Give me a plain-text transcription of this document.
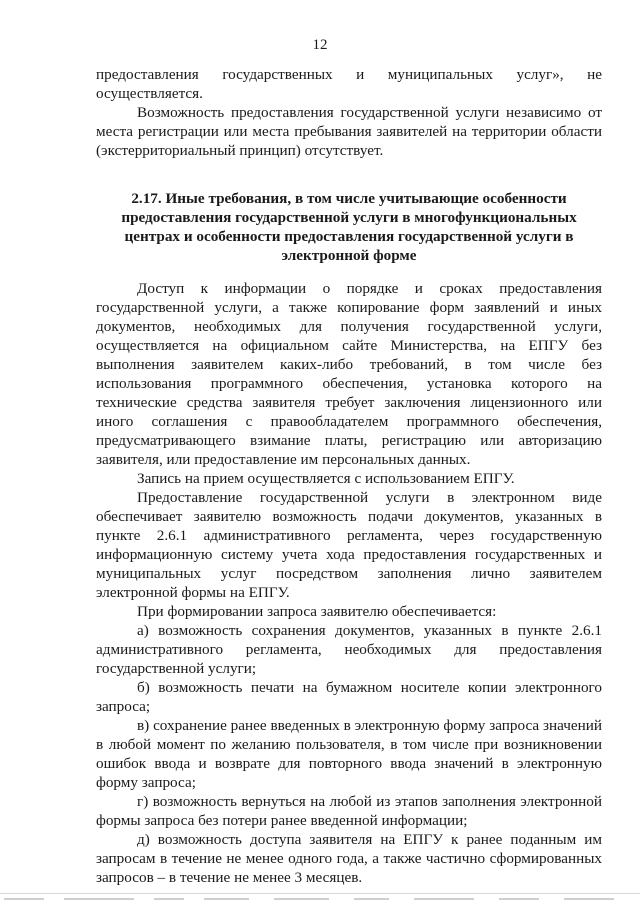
12

предоставления государственных и муниципальных услуг», не осуществляется.

Возможность предоставления государственной услуги независимо от места регистрации или места пребывания заявителей на территории области (экстерриториальный принцип) отсутствует.

2.17. Иные требования, в том числе учитывающие особенности предоставления государственной услуги в многофункциональных центрах и особенности предоставления государственной услуги в электронной форме

Доступ к информации о порядке и сроках предоставления государственной услуги, а также копирование форм заявлений и иных документов, необходимых для получения государственной услуги, осуществляется на официальном сайте Министерства, на ЕПГУ без выполнения заявителем каких-либо требований, в том числе без использования программного обеспечения, установка которого на технические средства заявителя требует заключения лицензионного или иного соглашения с правообладателем программного обеспечения, предусматривающего взимание платы, регистрацию или авторизацию заявителя, или предоставление им персональных данных.

Запись на прием осуществляется с использованием ЕПГУ.

Предоставление государственной услуги в электронном виде обеспечивает заявителю возможность подачи документов, указанных в пункте 2.6.1 административного регламента, через государственную информационную систему учета хода предоставления государственных и муниципальных услуг посредством заполнения лично заявителем электронной формы на ЕПГУ.

При формировании запроса заявителю обеспечивается:

а) возможность сохранения документов, указанных в пункте 2.6.1 административного регламента, необходимых для предоставления государственной услуги;

б) возможность печати на бумажном носителе копии электронного запроса;

в) сохранение ранее введенных в электронную форму запроса значений в любой момент по желанию пользователя, в том числе при возникновении ошибок ввода и возврате для повторного ввода значений в электронную форму запроса;

г) возможность вернуться на любой из этапов заполнения электронной формы запроса без потери ранее введенной информации;

д) возможность доступа заявителя на ЕПГУ к ранее поданным им запросам в течение не менее одного года, а также частично сформированных запросов – в течение не менее 3 месяцев.
